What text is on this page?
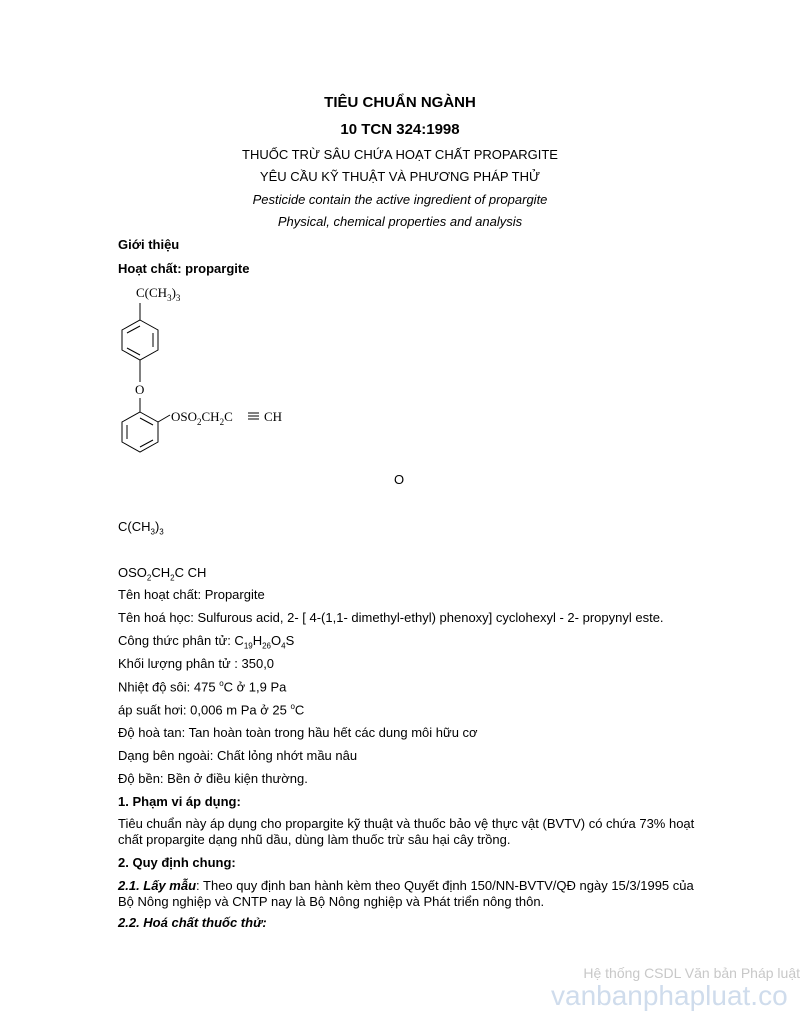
TIÊU CHUẨN NGÀNH
10 TCN 324:1998
THUỐC TRỪ SÂU CHỨA HOẠT CHẤT PROPARGITE
YÊU CẦU KỸ THUẬT VÀ PHƯƠNG PHÁP THỬ
Pesticide contain the active ingredient of propargite
Physical, chemical properties and analysis
Giới thiệu
Hoạt chất: propargite
$C(CH_3)_3$
O
$OSO_2CH_2C$ CH
O
$C(CH_3)_3$
$OSO_2CH_2C$ CH
Tên hoạt chất: Propargite
Tên hoá học: Sulfurous acid, 2- [ 4-(1,1- dimethyl-ethyl) phenoxy] cyclohexyl - 2- propynyl este.
Công thức phân tử: $C_{19}H_{26}O_4S$
Khối lượng phân tử : 350,0
Nhiệt độ sôi: 475 $^o$C ở 1,9 Pa
áp suất hơi: 0,006 m Pa ở 25 $^o$C
Độ hoà tan: Tan hoàn toàn trong hầu hết các dung môi hữu cơ
Dạng bên ngoài: Chất lỏng nhớt mầu nâu
Độ bền: Bền ở điều kiện thường.
1. Phạm vi áp dụng:
Tiêu chuẩn này áp dụng cho propargite kỹ thuật và thuốc bảo vệ thực vật (BVTV) có chứa 73% hoạt chất propargite dạng nhũ dầu, dùng làm thuốc trừ sâu hại cây trồng.
2. Quy định chung:
2.1. Lấy mẫu: Theo quy định ban hành kèm theo Quyết định 150/NN-BVTV/QĐ ngày 15/3/1995 của Bộ Nông nghiệp và CNTP nay là Bộ Nông nghiệp và Phát triển nông thôn.
2.2. Hoá chất thuốc thử:
Hệ thống CSDL Văn bản Pháp luật
vanbanphapluat.co
